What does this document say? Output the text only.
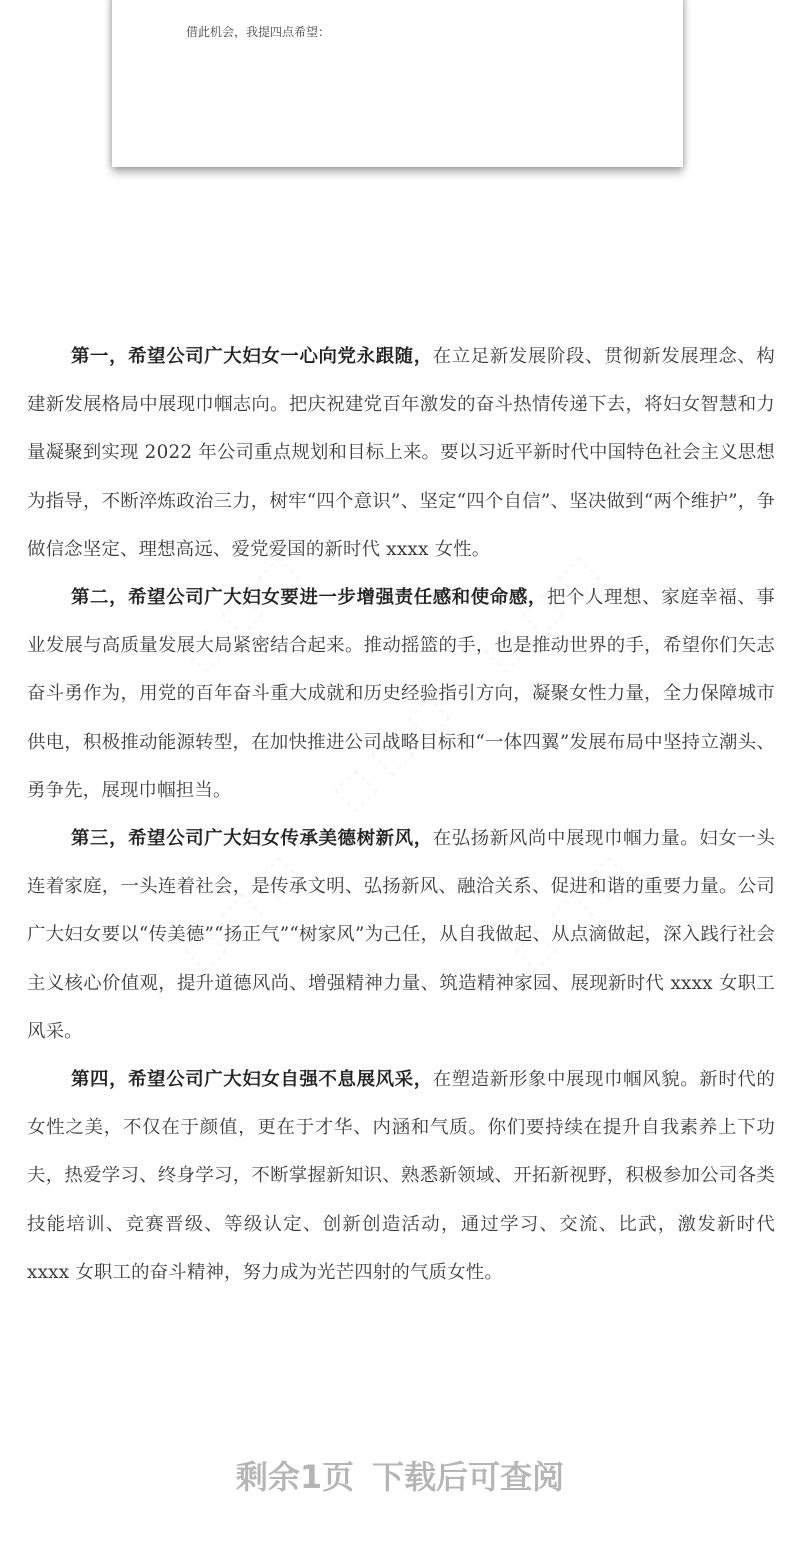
借此机会，我提四点希望：

第一，希望公司广大妇女一心向党永跟随，在立足新发展阶段、贯彻新发展理念、构建新发展格局中展现巾帼志向。把庆祝建党百年激发的奋斗热情传递下去，将妇女智慧和力量凝聚到实现 2022 年公司重点规划和目标上来。要以习近平新时代中国特色社会主义思想为指导，不断淬炼政治三力，树牢“四个意识”、坚定“四个自信”、坚决做到“两个维护”，争做信念坚定、理想高远、爱党爱国的新时代 xxxx 女性。

第二，希望公司广大妇女要进一步增强责任感和使命感，把个人理想、家庭幸福、事业发展与高质量发展大局紧密结合起来。推动摇篮的手，也是推动世界的手，希望你们矢志奋斗勇作为，用党的百年奋斗重大成就和历史经验指引方向，凝聚女性力量，全力保障城市供电，积极推动能源转型，在加快推进公司战略目标和“一体四翼”发展布局中坚持立潮头、勇争先，展现巾帼担当。

第三，希望公司广大妇女传承美德树新风，在弘扬新风尚中展现巾帼力量。妇女一头连着家庭，一头连着社会，是传承文明、弘扬新风、融洽关系、促进和谐的重要力量。公司广大妇女要以“传美德”“扬正气”“树家风”为己任，从自我做起、从点滴做起，深入践行社会主义核心价值观，提升道德风尚、增强精神力量、筑造精神家园、展现新时代 xxxx 女职工风采。

第四，希望公司广大妇女自强不息展风采，在塑造新形象中展现巾帼风貌。新时代的女性之美，不仅在于颜值，更在于才华、内涵和气质。你们要持续在提升自我素养上下功夫，热爱学习、终身学习，不断掌握新知识、熟悉新领域、开拓新视野，积极参加公司各类技能培训、竞赛晋级、等级认定、创新创造活动，通过学习、交流、比武，激发新时代 xxxx 女职工的奋斗精神，努力成为光芒四射的气质女性。

剩余1页 下载后可查阅
